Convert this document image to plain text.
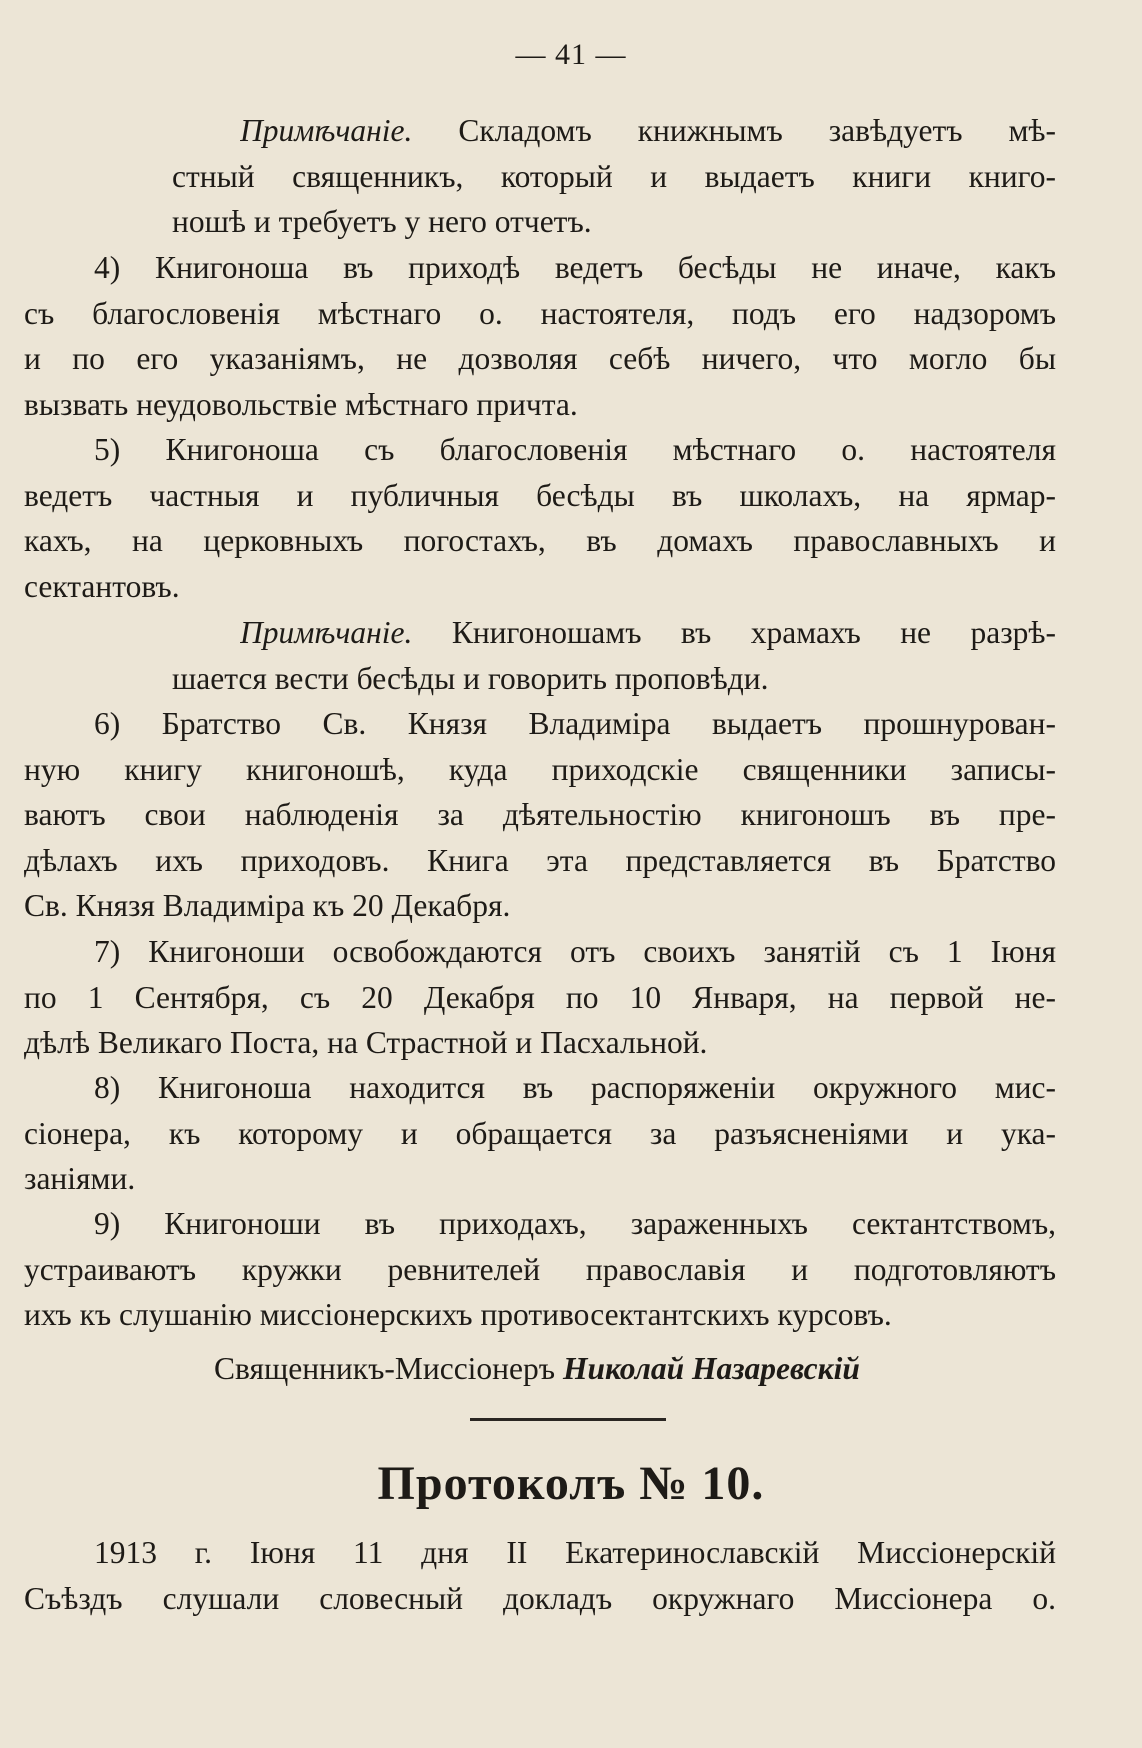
— 41 —
Примѣчаніе. Складомъ книжнымъ завѣдуетъ мѣ-
стный священникъ, который и выдаетъ книги книго-
ношѣ и требуетъ у него отчетъ.
4) Книгоноша въ приходѣ ведетъ бесѣды не иначе, какъ
съ благословенія мѣстнаго о. настоятеля, подъ его надзоромъ
и по его указаніямъ, не дозволяя себѣ ничего, что могло бы
вызвать неудовольствіе мѣстнаго причта.
5) Книгоноша съ благословенія мѣстнаго о. настоятеля
ведетъ частныя и публичныя бесѣды въ школахъ, на ярмар-
кахъ, на церковныхъ погостахъ, въ домахъ православныхъ и
сектантовъ.
Примѣчаніе. Книгоношамъ въ храмахъ не разрѣ-
шается вести бесѣды и говорить проповѣди.
6) Братство Св. Князя Владиміра выдаетъ прошнурован-
ную книгу книгоношѣ, куда приходскіе священники записы-
ваютъ свои наблюденія за дѣятельностію книгоношъ въ пре-
дѣлахъ ихъ приходовъ. Книга эта представляется въ Братство
Св. Князя Владиміра къ 20 Декабря.
7) Книгоноши освобождаются отъ своихъ занятій съ 1 Іюня
по 1 Сентября, съ 20 Декабря по 10 Января, на первой не-
дѣлѣ Великаго Поста, на Страстной и Пасхальной.
8) Книгоноша находится въ распоряженіи окружного мис-
сіонера, къ которому и обращается за разъясненіями и ука-
заніями.
9) Книгоноши въ приходахъ, зараженныхъ сектантствомъ,
устраиваютъ кружки ревнителей православія и подготовляютъ
ихъ къ слушанію миссіонерскихъ противосектантскихъ курсовъ.
Священникъ-Миссіонеръ Николай Назаревскій
Протоколъ № 10.
1913 г. Іюня 11 дня II Екатеринославскій Миссіонерскій
Съѣздъ слушали словесный докладъ окружнаго Миссіонера о.
